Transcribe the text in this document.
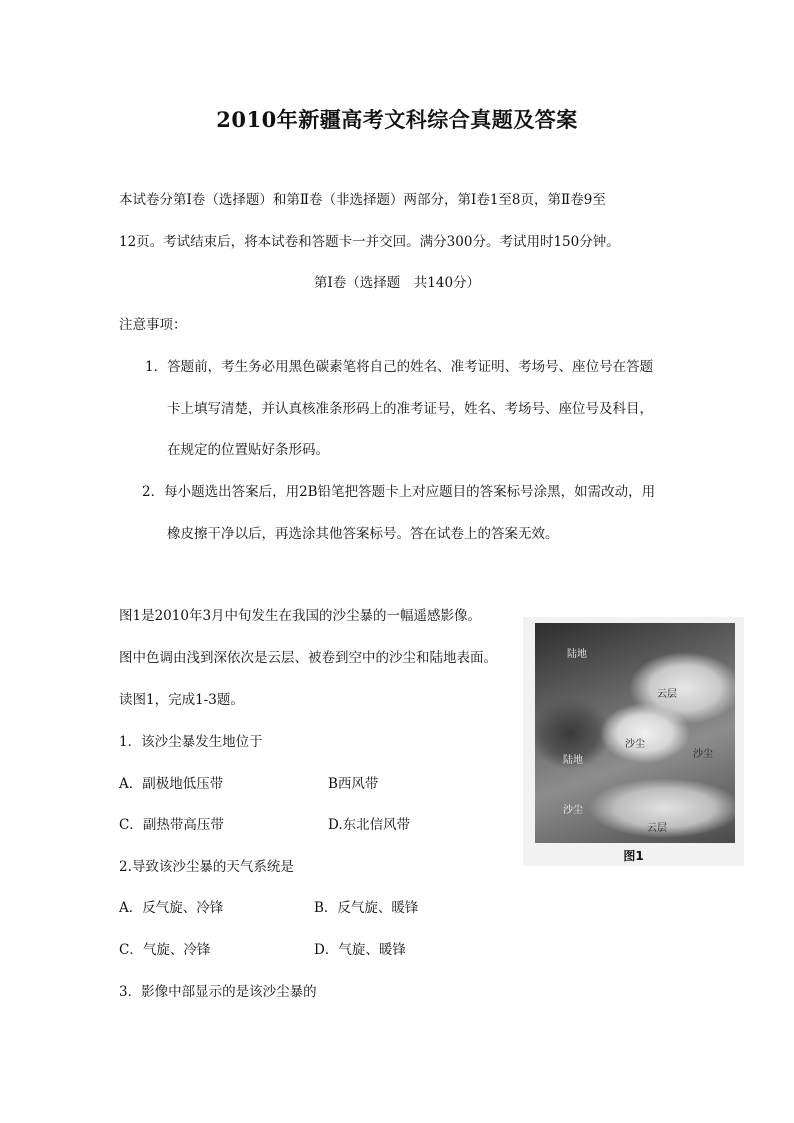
2010年新疆高考文科综合真题及答案
本试卷分第Ⅰ卷（选择题）和第Ⅱ卷（非选择题）两部分，第Ⅰ卷1至8页，第Ⅱ卷9至
12页。考试结束后，将本试卷和答题卡一并交回。满分300分。考试用时150分钟。
第Ⅰ卷（选择题　共140分）
注意事项：
1．答题前，考生务必用黑色碳素笔将自己的姓名、准考证明、考场号、座位号在答题
卡上填写清楚，并认真核准条形码上的准考证号，姓名、考场号、座位号及科目，
在规定的位置贴好条形码。
2．每小题选出答案后，用2B铅笔把答题卡上对应题目的答案标号涂黑，如需改动，用
橡皮擦干净以后，再选涂其他答案标号。答在试卷上的答案无效。
图1是2010年3月中旬发生在我国的沙尘暴的一幅遥感影像。
图中色调由浅到深依次是云层、被卷到空中的沙尘和陆地表面。
读图1，完成1-3题。
1．该沙尘暴发生地位于
A．副极地低压带	B西风带
C．副热带高压带	D.东北信风带
2.导致该沙尘暴的天气系统是
A．反气旋、冷锋	B．反气旋、暖锋
C．气旋、冷锋	D．气旋、暖锋
3．影像中部显示的是该沙尘暴的
陆地
云层
沙尘
沙尘
陆地
沙尘
云层
图1
